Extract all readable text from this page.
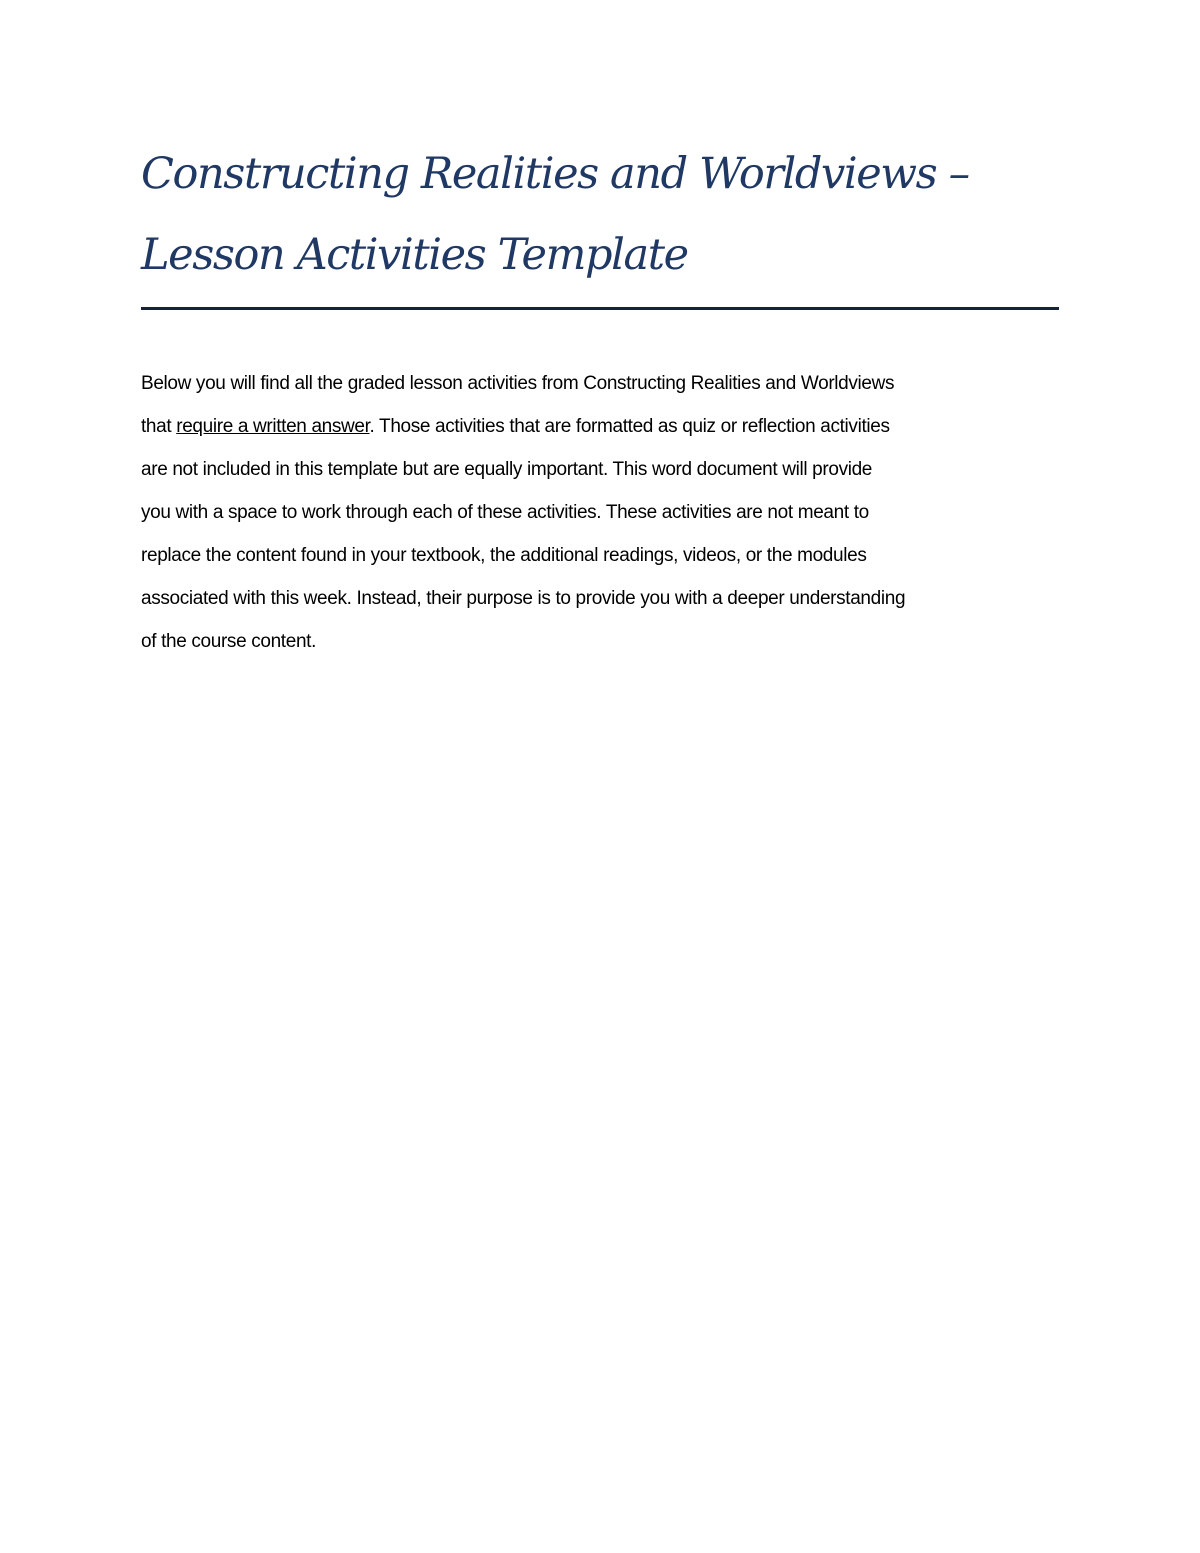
Constructing Realities and Worldviews –
Lesson Activities Template
Below you will find all the graded lesson activities from Constructing Realities and Worldviews
that require a written answer. Those activities that are formatted as quiz or reflection activities
are not included in this template but are equally important. This word document will provide
you with a space to work through each of these activities. These activities are not meant to
replace the content found in your textbook, the additional readings, videos, or the modules
associated with this week. Instead, their purpose is to provide you with a deeper understanding
of the course content.
